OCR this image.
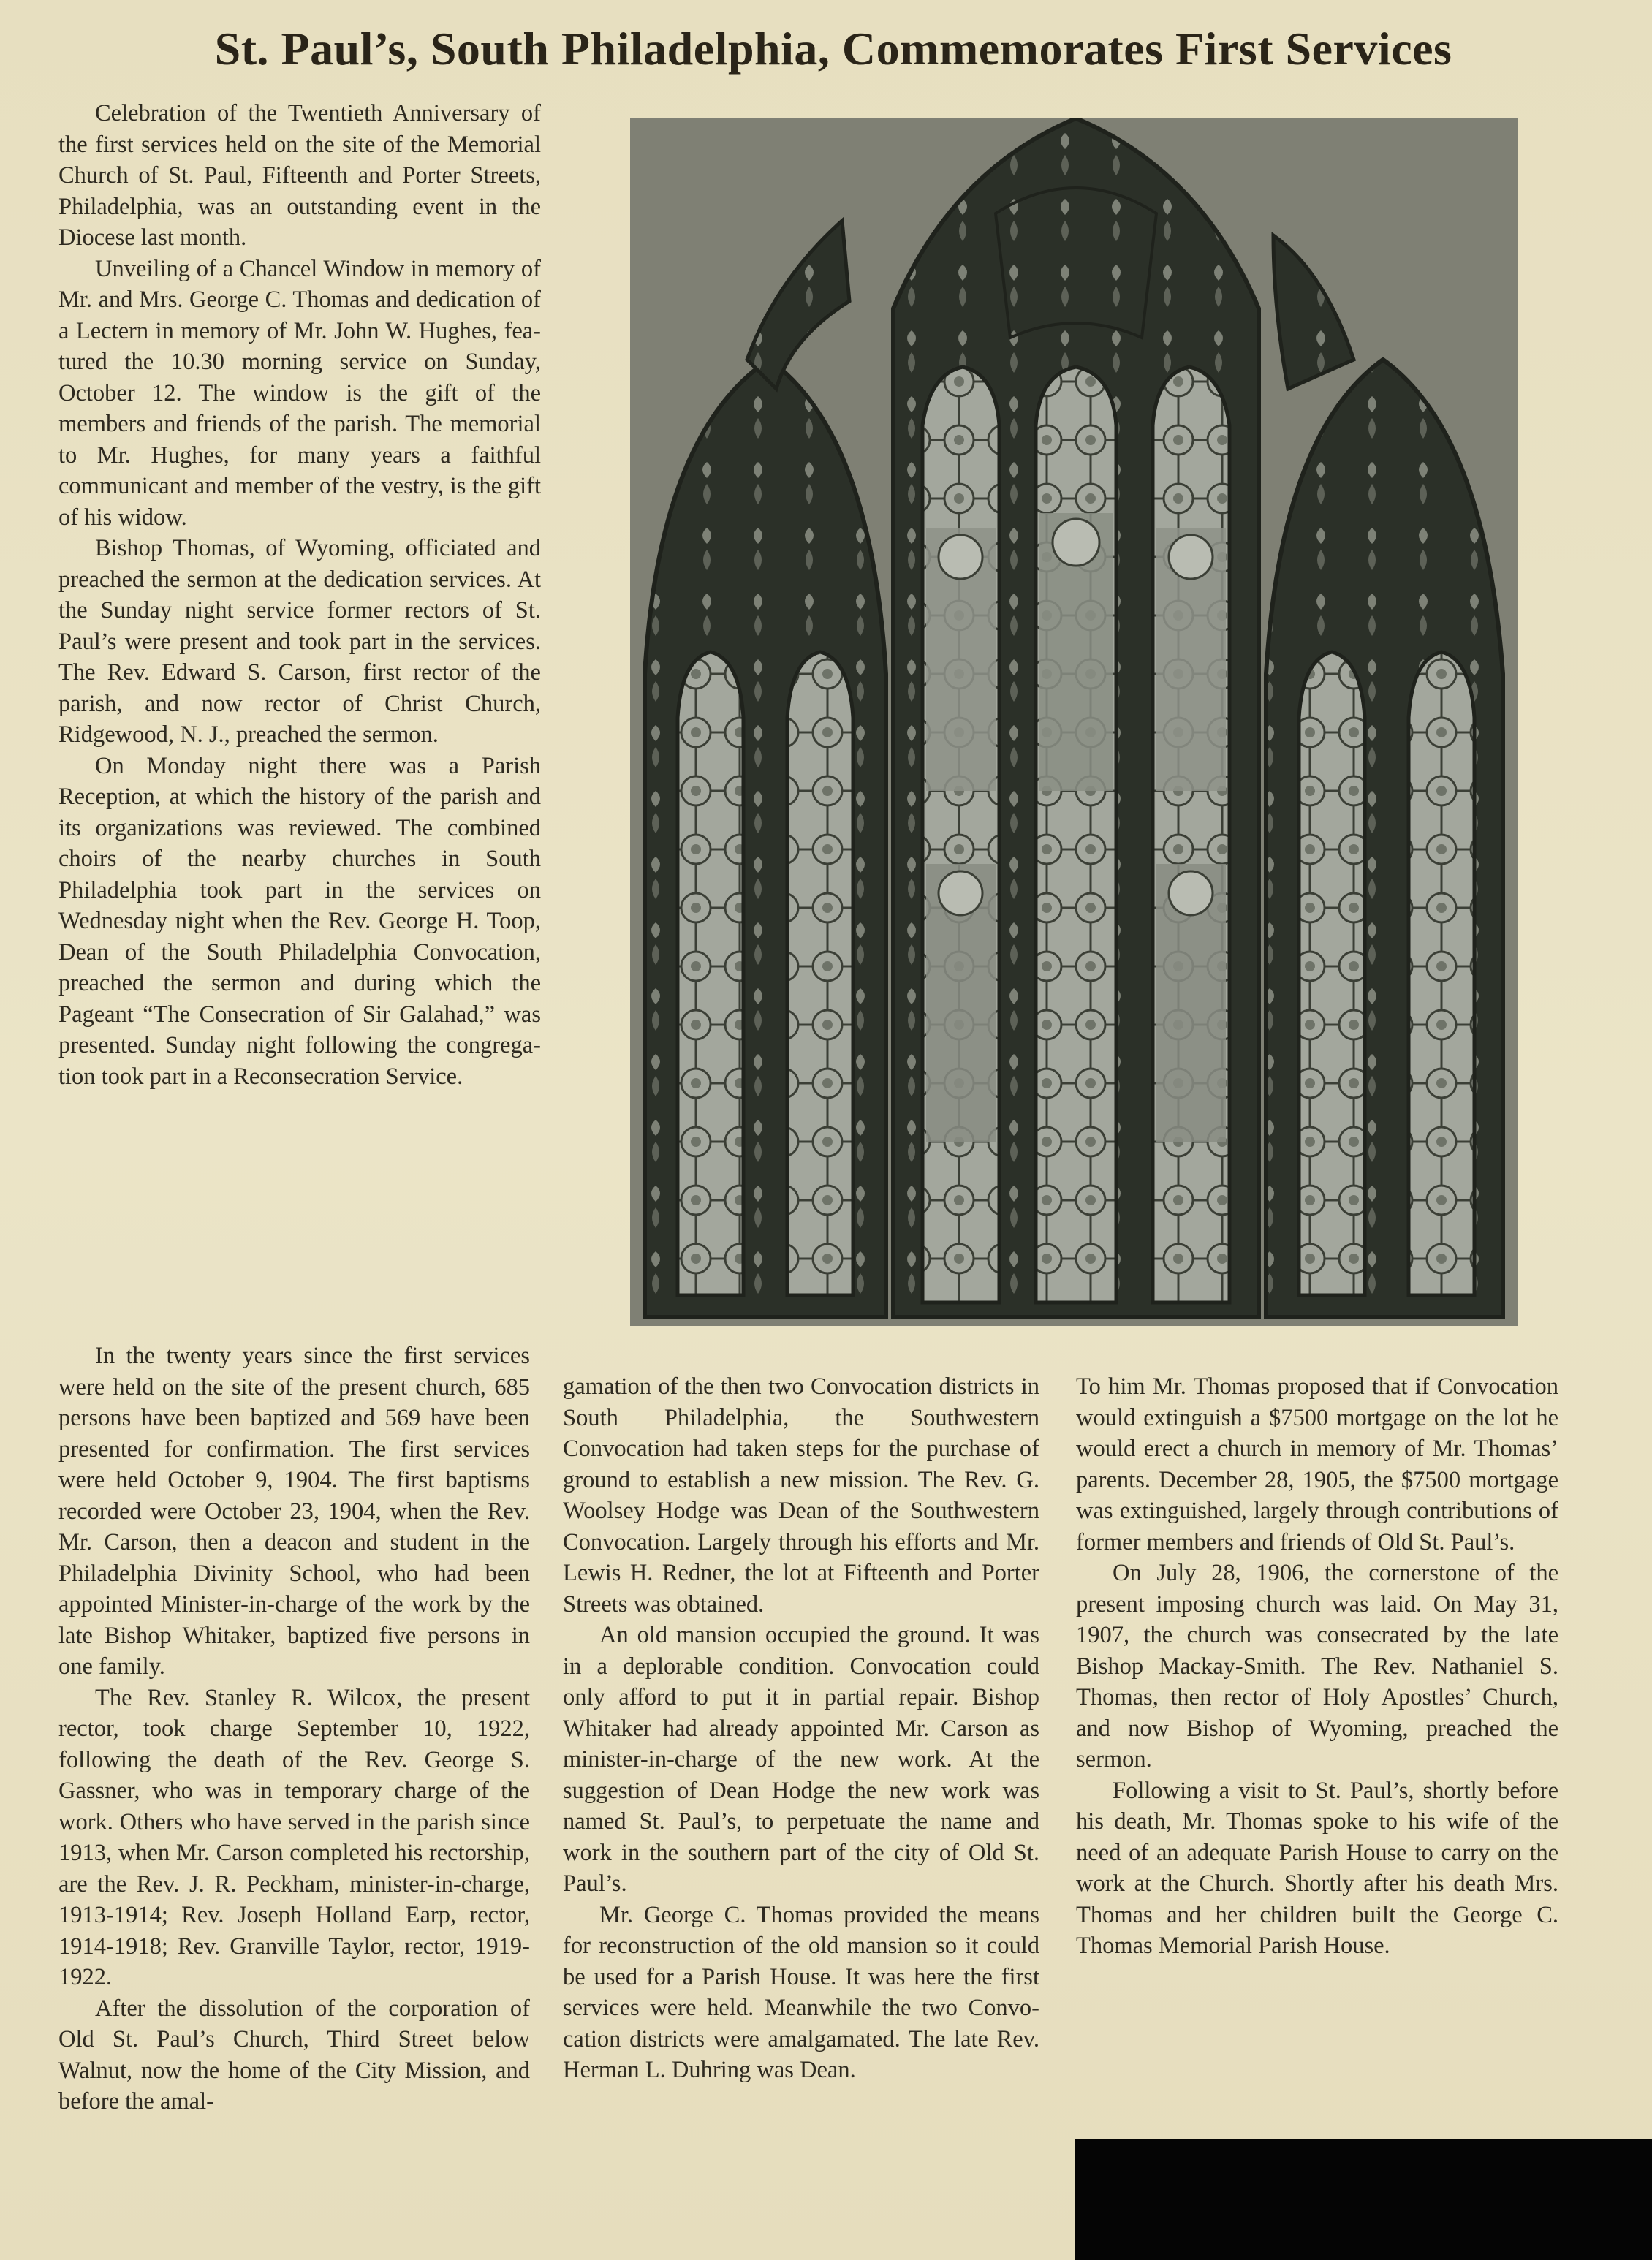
St. Paul’s, South Philadelphia, Commemorates First Services

Celebration of the Twentieth Anniversary of the first services held on the site of the Memorial Church of St. Paul, Fifteenth and Porter Streets, Philadelphia, was an outstanding event in the Diocese last month.

Unveiling of a Chancel Window in memory of Mr. and Mrs. George C. Thomas and dedication of a Lectern in memory of Mr. John W. Hughes, featured the 10.30 morning service on Sunday, October 12. The window is the gift of the members and friends of the parish. The memorial to Mr. Hughes, for many years a faithful communicant and member of the vestry, is the gift of his widow.

Bishop Thomas, of Wyoming, officiated and preached the sermon at the dedication services. At the Sunday night service former rectors of St. Paul’s were present and took part in the services. The Rev. Edward S. Carson, first rector of the parish, and now rector of Christ Church, Ridgewood, N. J., preached the sermon.

On Monday night there was a Parish Reception, at which the history of the parish and its organizations was reviewed. The combined choirs of the nearby churches in South Philadelphia took part in the services on Wednesday night when the Rev. George H. Toop, Dean of the South Philadelphia Convocation, preached the sermon and during which the Pageant “The Consecration of Sir Galahad,” was presented. Sunday night following the congregation took part in a Reconsecration Service.

In the twenty years since the first services were held on the site of the present church, 685 persons have been baptized and 569 have been presented for confirmation. The first services were held October 9, 1904. The first baptisms recorded were October 23, 1904, when the Rev. Mr. Carson, then a deacon and student in the Philadelphia Divinity School, who had been appointed Minister-in-charge of the work by the late Bishop Whitaker, baptized five persons in one family.

The Rev. Stanley R. Wilcox, the present rector, took charge September 10, 1922, following the death of the Rev. George S. Gassner, who was in temporary charge of the work. Others who have served in the parish since 1913, when Mr. Carson completed his rectorship, are the Rev. J. R. Peckham, minister-in-charge, 1913-1914; Rev. Joseph Holland Earp, rector, 1914-1918; Rev. Granville Taylor, rector, 1919-1922.

After the dissolution of the corporation of Old St. Paul’s Church, Third Street below Walnut, now the home of the City Mission, and before the amal-

gamation of the then two Convocation districts in South Philadelphia, the Southwestern Convocation had taken steps for the purchase of ground to establish a new mission. The Rev. G. Woolsey Hodge was Dean of the Southwestern Convocation. Largely through his efforts and Mr. Lewis H. Redner, the lot at Fifteenth and Porter Streets was obtained.

An old mansion occupied the ground. It was in a deplorable condition. Convocation could only afford to put it in partial repair. Bishop Whitaker had already appointed Mr. Carson as minister-in-charge of the new work. At the suggestion of Dean Hodge the new work was named St. Paul’s, to perpetuate the name and work in the southern part of the city of Old St. Paul’s.

Mr. George C. Thomas provided the means for reconstruction of the old mansion so it could be used for a Parish House. It was here the first services were held. Meanwhile the two Convocation districts were amalgamated. The late Rev. Herman L. Duhring was Dean.

To him Mr. Thomas proposed that if Convocation would extinguish a $7500 mortgage on the lot he would erect a church in memory of Mr. Thomas’ parents. December 28, 1905, the $7500 mortgage was extinguished, largely through contributions of former members and friends of Old St. Paul’s.

On July 28, 1906, the cornerstone of the present imposing church was laid. On May 31, 1907, the church was consecrated by the late Bishop Mackay-Smith. The Rev. Nathaniel S. Thomas, then rector of Holy Apostles’ Church, and now Bishop of Wyoming, preached the sermon.

Following a visit to St. Paul’s, shortly before his death, Mr. Thomas spoke to his wife of the need of an adequate Parish House to carry on the work at the Church. Shortly after his death Mrs. Thomas and her children built the George C. Thomas Memorial Parish House.
